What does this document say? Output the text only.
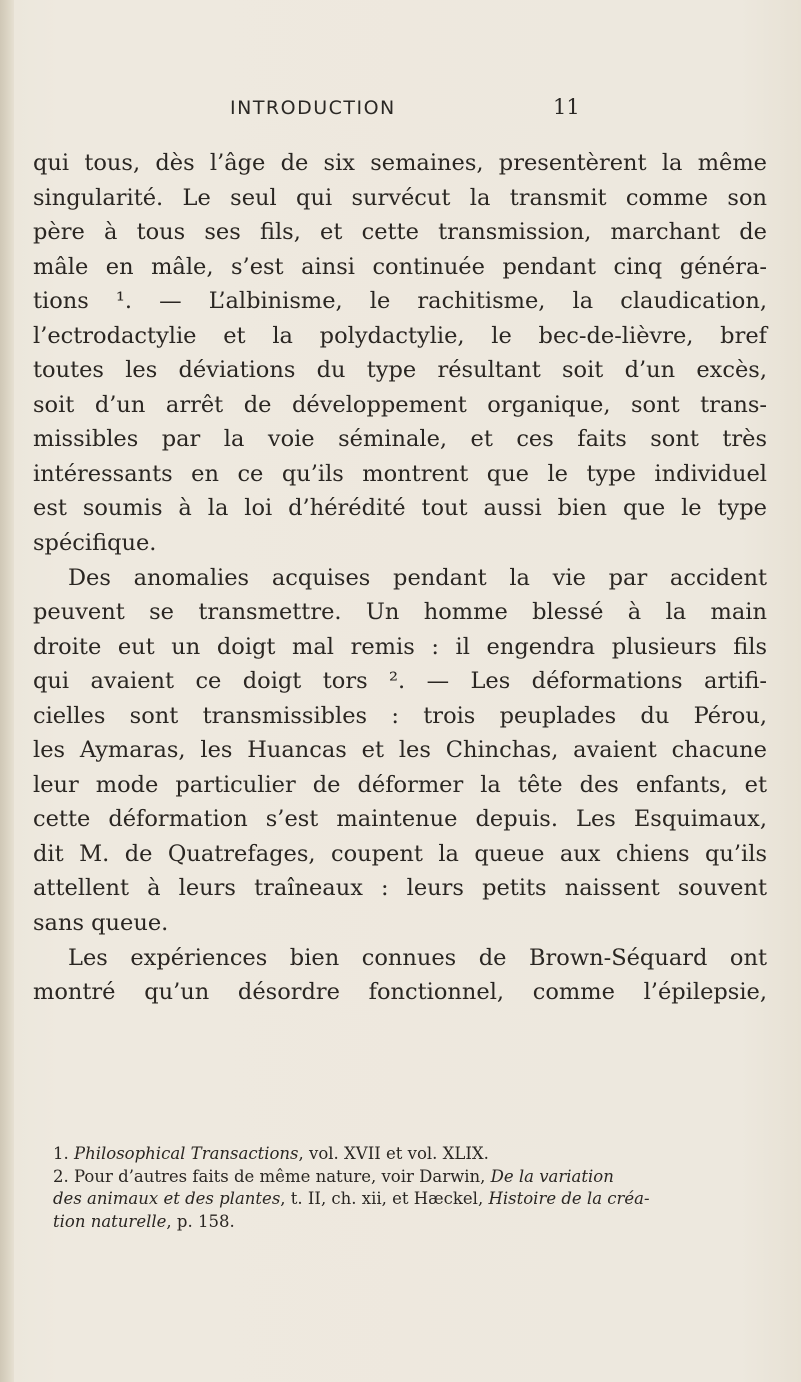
INTRODUCTION	11
qui tous, dès l’âge de six semaines, presentèrent la même
singularité. Le seul qui survécut la transmit comme son
père à tous ses fils, et cette transmission, marchant de
mâle en mâle, s’est ainsi continuée pendant cinq généra-
tions ¹. — L’albinisme, le rachitisme, la claudication,
l’ectrodactylie et la polydactylie, le bec-de-lièvre, bref
toutes les déviations du type résultant soit d’un excès,
soit d’un arrêt de développement organique, sont trans-
missibles par la voie séminale, et ces faits sont très
intéressants en ce qu’ils montrent que le type individuel
est soumis à la loi d’hérédité tout aussi bien que le type
spécifique.
Des anomalies acquises pendant la vie par accident
peuvent se transmettre. Un homme blessé à la main
droite eut un doigt mal remis : il engendra plusieurs fils
qui avaient ce doigt tors ². — Les déformations artifi-
cielles sont transmissibles : trois peuplades du Pérou,
les Aymaras, les Huancas et les Chinchas, avaient chacune
leur mode particulier de déformer la tête des enfants, et
cette déformation s’est maintenue depuis. Les Esquimaux,
dit M. de Quatrefages, coupent la queue aux chiens qu’ils
attellent à leurs traîneaux : leurs petits naissent souvent
sans queue.
Les expériences bien connues de Brown-Séquard ont
montré qu’un désordre fonctionnel, comme l’épilepsie,
1. Philosophical Transactions, vol. XVII et vol. XLIX.
2. Pour d’autres faits de même nature, voir Darwin, De la variation
des animaux et des plantes, t. II, ch. xii, et Hæckel, Histoire de la créa-
tion naturelle, p. 158.
